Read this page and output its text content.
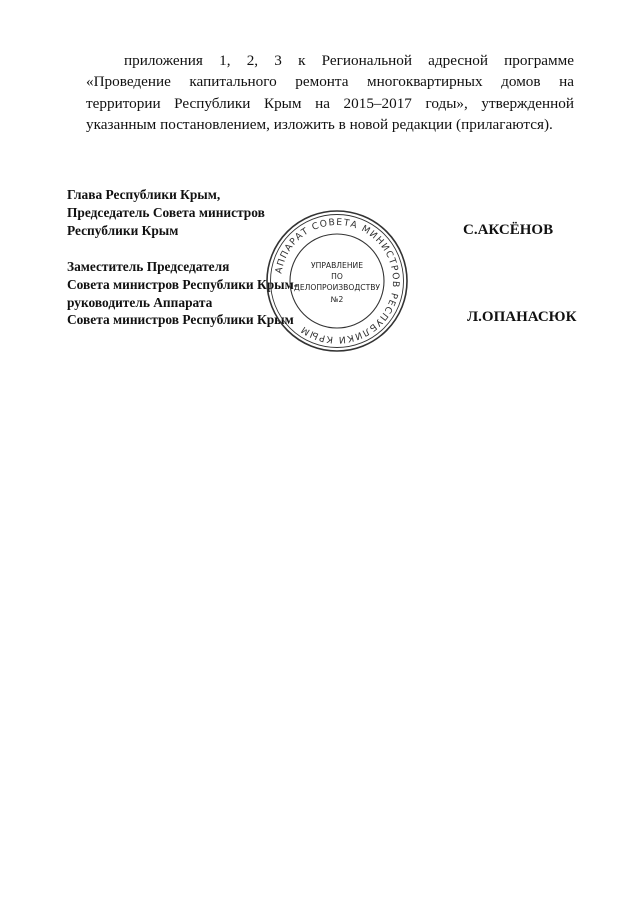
приложения 1, 2, 3 к Региональной адресной программе «Проведение капитального ремонта многоквартирных домов на территории Республики Крым на 2015–2017 годы», утвержденной указанным постановлением, изложить в новой редакции (прилагаются).

Глава Республики Крым,
Председатель Совета министров
Республики Крым	С.АКСЁНОВ
Заместитель Председателя
Совета министров Республики Крым-
руководитель Аппарата
Совета министров Республики Крым	Л.ОПАНАСЮК
АППАРАТ СОВЕТА МИНИСТРОВ РЕСПУБЛИКИ КРЫМ
УПРАВЛЕНИЕ
ПО
ДЕЛОПРОИЗВОДСТВУ
№2
